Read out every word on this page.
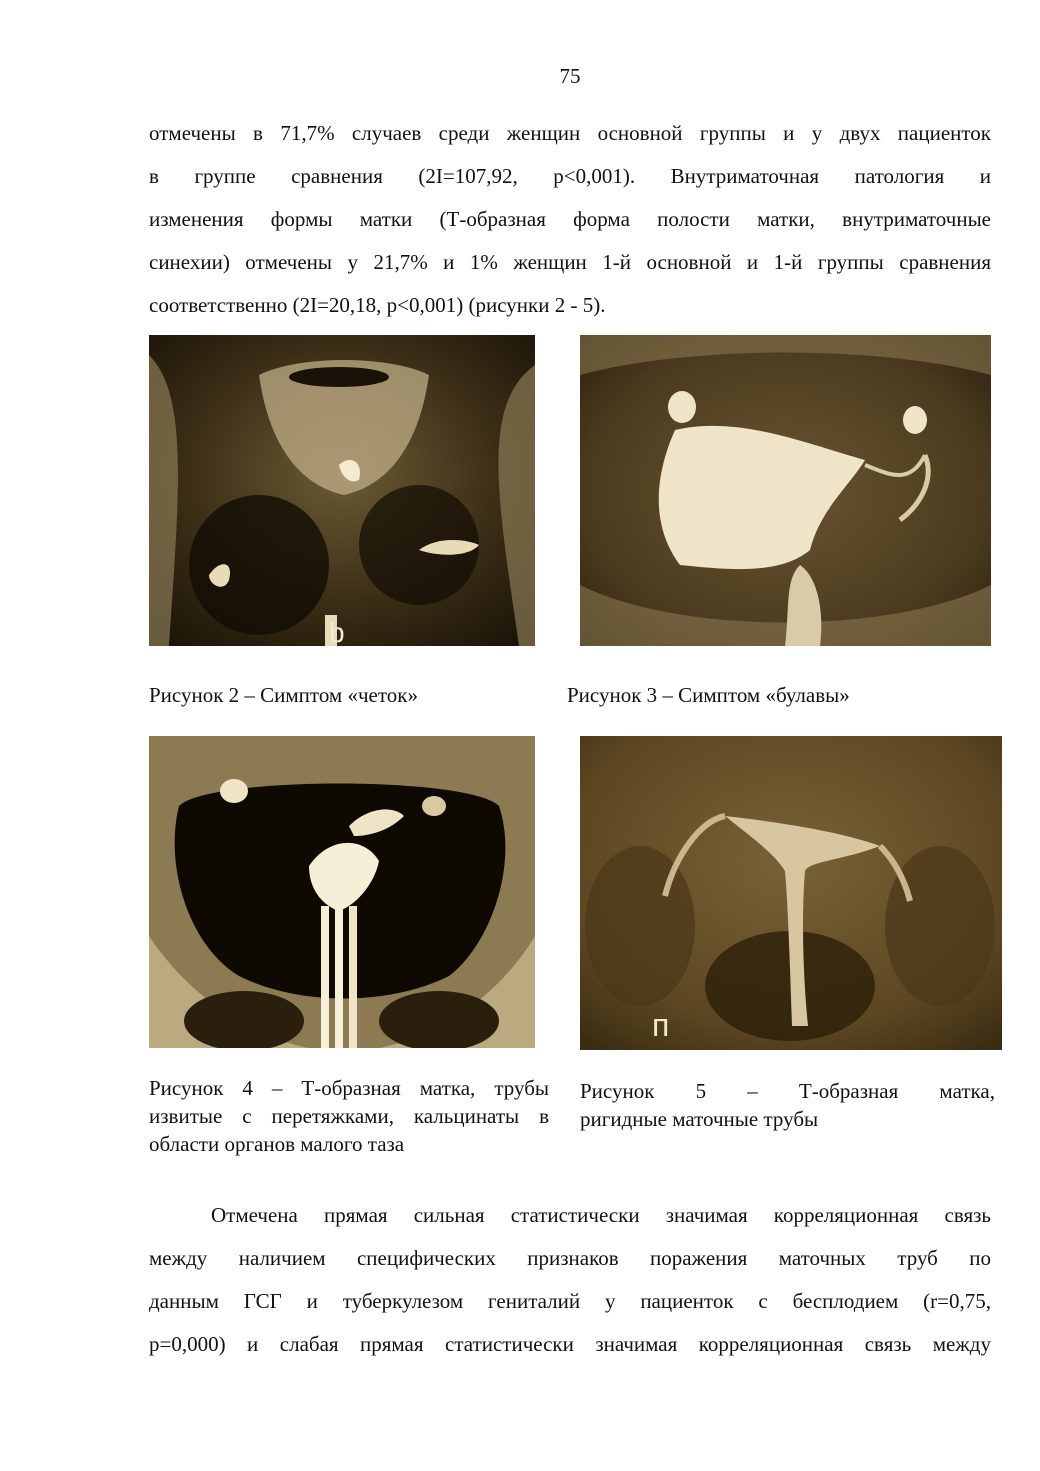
75
отмечены в 71,7% случаев среди женщин основной группы и у двух пациенток
в группе сравнения (2I=107,92, p<0,001). Внутриматочная патология и
изменения формы матки (Т-образная форма полости матки, внутриматочные
синехии) отмечены у 21,7% и 1% женщин 1-й основной и 1-й группы сравнения
соответственно (2I=20,18, p<0,001) (рисунки 2 - 5).
b
Рисунок 2 – Симптом «четок»	Рисунок 3 – Симптом «булавы»
Рисунок 4 – Т-образная матка, трубы
извитые с перетяжками, кальцинаты в
области органов малого таза
п
Рисунок 5 – Т-образная матка,
ригидные маточные трубы
Отмечена прямая сильная статистически значимая корреляционная связь
между наличием специфических признаков поражения маточных труб по
данным ГСГ и туберкулезом гениталий у пациенток с бесплодием (r=0,75,
p=0,000) и слабая прямая статистически значимая корреляционная связь между
